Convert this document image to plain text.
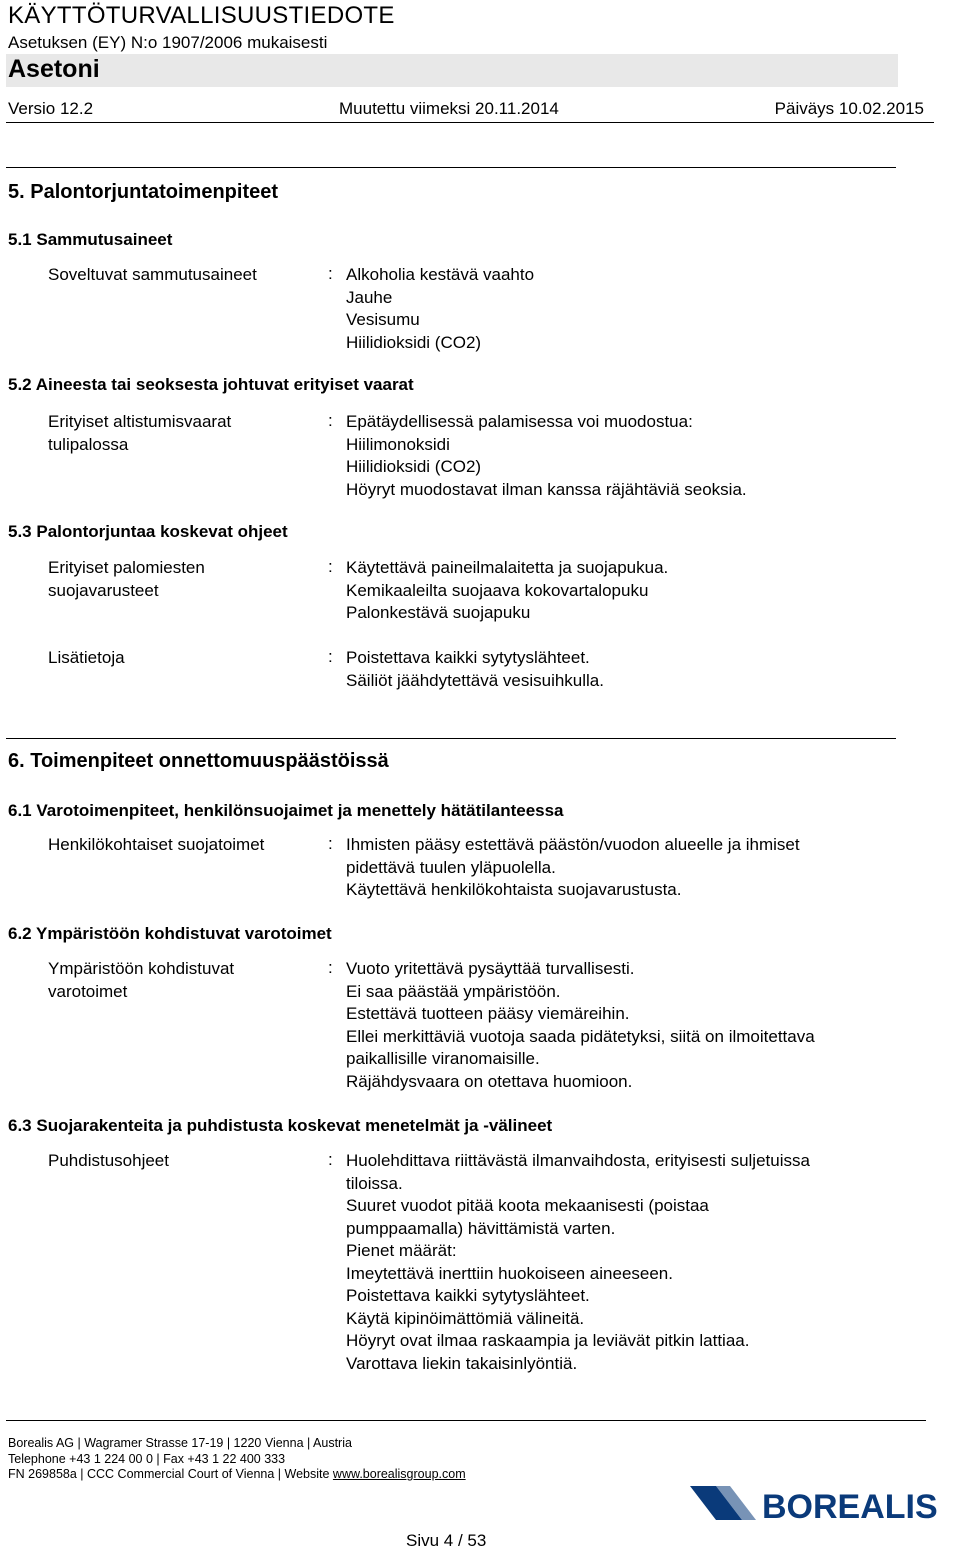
KÄYTTÖTURVALLISUUSTIEDOTE
Asetuksen (EY) N:o 1907/2006 mukaisesti
Asetoni
Versio 12.2	Muutettu viimeksi 20.11.2014	Päiväys 10.02.2015
5. Palontorjuntatoimenpiteet
5.1 Sammutusaineet
Soveltuvat sammutusaineet	: Alkoholia kestävä vaahto
Jauhe
Vesisumu
Hiilidioksidi (CO2)
5.2 Aineesta tai seoksesta johtuvat erityiset vaarat
Erityiset altistumisvaarat
tulipalossa
: Epätäydellisessä palamisessa voi muodostua:
Hiilimonoksidi
Hiilidioksidi (CO2)
Höyryt muodostavat ilman kanssa räjähtäviä seoksia.
5.3 Palontorjuntaa koskevat ohjeet
Erityiset palomiesten
suojavarusteet
: Käytettävä paineilmalaitetta ja suojapukua.
Kemikaaleilta suojaava kokovartalopuku
Palonkestävä suojapuku
Lisätietoja	: Poistettava kaikki sytytyslähteet.
Säiliöt jäähdytettävä vesisuihkulla.
6. Toimenpiteet onnettomuuspäästöissä
6.1 Varotoimenpiteet, henkilönsuojaimet ja menettely hätätilanteessa
Henkilökohtaiset suojatoimet	: Ihmisten pääsy estettävä päästön/vuodon alueelle ja ihmiset
pidettävä tuulen yläpuolella.
Käytettävä henkilökohtaista suojavarustusta.
6.2 Ympäristöön kohdistuvat varotoimet
Ympäristöön kohdistuvat
varotoimet
: Vuoto yritettävä pysäyttää turvallisesti.
Ei saa päästää ympäristöön.
Estettävä tuotteen pääsy viemäreihin.
Ellei merkittäviä vuotoja saada pidätetyksi, siitä on ilmoitettava
paikallisille viranomaisille.
Räjähdysvaara on otettava huomioon.
6.3 Suojarakenteita ja puhdistusta koskevat menetelmät ja -välineet
Puhdistusohjeet	: Huolehdittava riittävästä ilmanvaihdosta, erityisesti suljetuissa
tiloissa.
Suuret vuodot pitää koota mekaanisesti (poistaa
pumppaamalla) hävittämistä varten.
Pienet määrät:
Imeytettävä inerttiin huokoiseen aineeseen.
Poistettava kaikki sytytyslähteet.
Käytä kipinöimättömiä välineitä.
Höyryt ovat ilmaa raskaampia ja leviävät pitkin lattiaa.
Varottava liekin takaisinlyöntiä.
Borealis AG | Wagramer Strasse 17-19 | 1220 Vienna | Austria
Telephone +43 1 224 00 0 | Fax +43 1 22 400 333
FN 269858a | CCC Commercial Court of Vienna | Website www.borealisgroup.com
BOREALIS
Sivu 4 / 53
